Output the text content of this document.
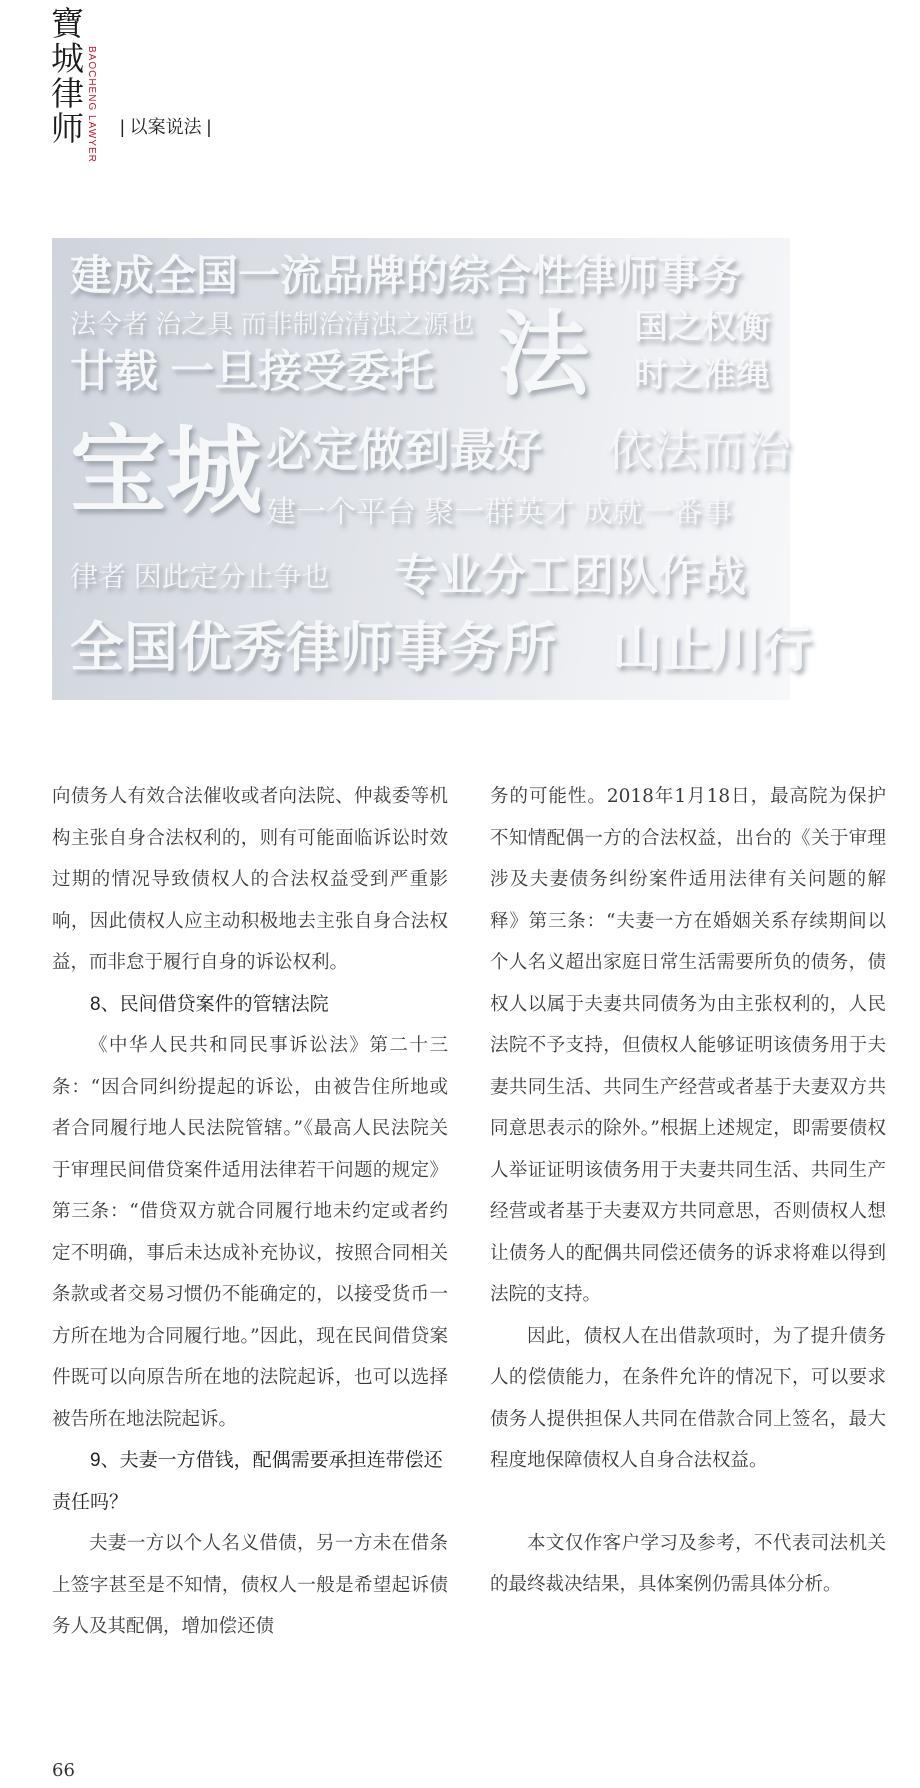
寶城律师 BAOCHENG LAWYER | 以案说法 |
建成全国一流品牌的综合性律师事务
法令者 治之具 而非制治清浊之源也
廿载 一旦接受委托 法 国之权衡
时之准绳
宝城 必定做到最好 依法而治
建一个平台 聚一群英才 成就一番事
律者 因此定分止争也 专业分工团队作战
全国优秀律师事务所 山止川行

向债务人有效合法催收或者向法院、仲裁委等机构主张自身合法权利的，则有可能面临诉讼时效过期的情况导致债权人的合法权益受到严重影响，因此债权人应主动积极地去主张自身合法权益，而非怠于履行自身的诉讼权利。

8、民间借贷案件的管辖法院

《中华人民共和同民事诉讼法》第二十三条：“因合同纠纷提起的诉讼，由被告住所地或者合同履行地人民法院管辖。”《最高人民法院关于审理民间借贷案件适用法律若干问题的规定》第三条：“借贷双方就合同履行地未约定或者约定不明确，事后未达成补充协议，按照合同相关条款或者交易习惯仍不能确定的，以接受货币一方所在地为合同履行地。”因此，现在民间借贷案件既可以向原告所在地的法院起诉，也可以选择被告所在地法院起诉。

9、夫妻一方借钱，配偶需要承担连带偿还责任吗？

夫妻一方以个人名义借债，另一方未在借条上签字甚至是不知情，债权人一般是希望起诉债务人及其配偶，增加偿还债

务的可能性。2018年1月18日，最高院为保护不知情配偶一方的合法权益，出台的《关于审理涉及夫妻债务纠纷案件适用法律有关问题的解释》第三条：“夫妻一方在婚姻关系存续期间以个人名义超出家庭日常生活需要所负的债务，债权人以属于夫妻共同债务为由主张权利的，人民法院不予支持，但债权人能够证明该债务用于夫妻共同生活、共同生产经营或者基于夫妻双方共同意思表示的除外。”根据上述规定，即需要债权人举证证明该债务用于夫妻共同生活、共同生产经营或者基于夫妻双方共同意思，否则债权人想让债务人的配偶共同偿还债务的诉求将难以得到法院的支持。

因此，债权人在出借款项时，为了提升债务人的偿债能力，在条件允许的情况下，可以要求债务人提供担保人共同在借款合同上签名，最大程度地保障债权人自身合法权益。

本文仅作客户学习及参考，不代表司法机关的最终裁决结果，具体案例仍需具体分析。

66
